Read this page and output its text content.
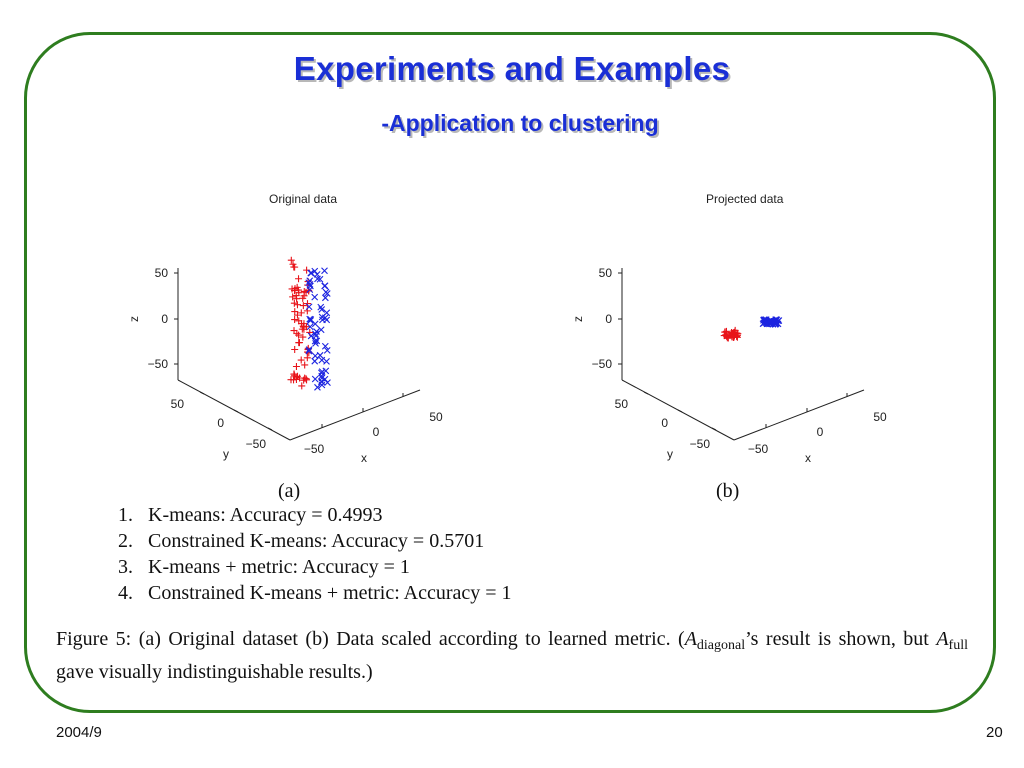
Experiments and Examples
-Application to clustering
Original data
50
0
−50
z
50
0
−50
y	−50
0
50
x
(a)
Projected data
50
0
−50
z
50
0
−50
y	−50
0
50
x
(b)
1. K-means: Accuracy = 0.4993
2. Constrained K-means: Accuracy = 0.5701
3. K-means + metric: Accuracy = 1
4. Constrained K-means + metric: Accuracy = 1
Figure 5: (a) Original dataset (b) Data scaled according to learned metric. ($A_{diagonal}’s$ result is shown, but $A_{full}$ gave visually indistinguishable results.)
2004/9	20
